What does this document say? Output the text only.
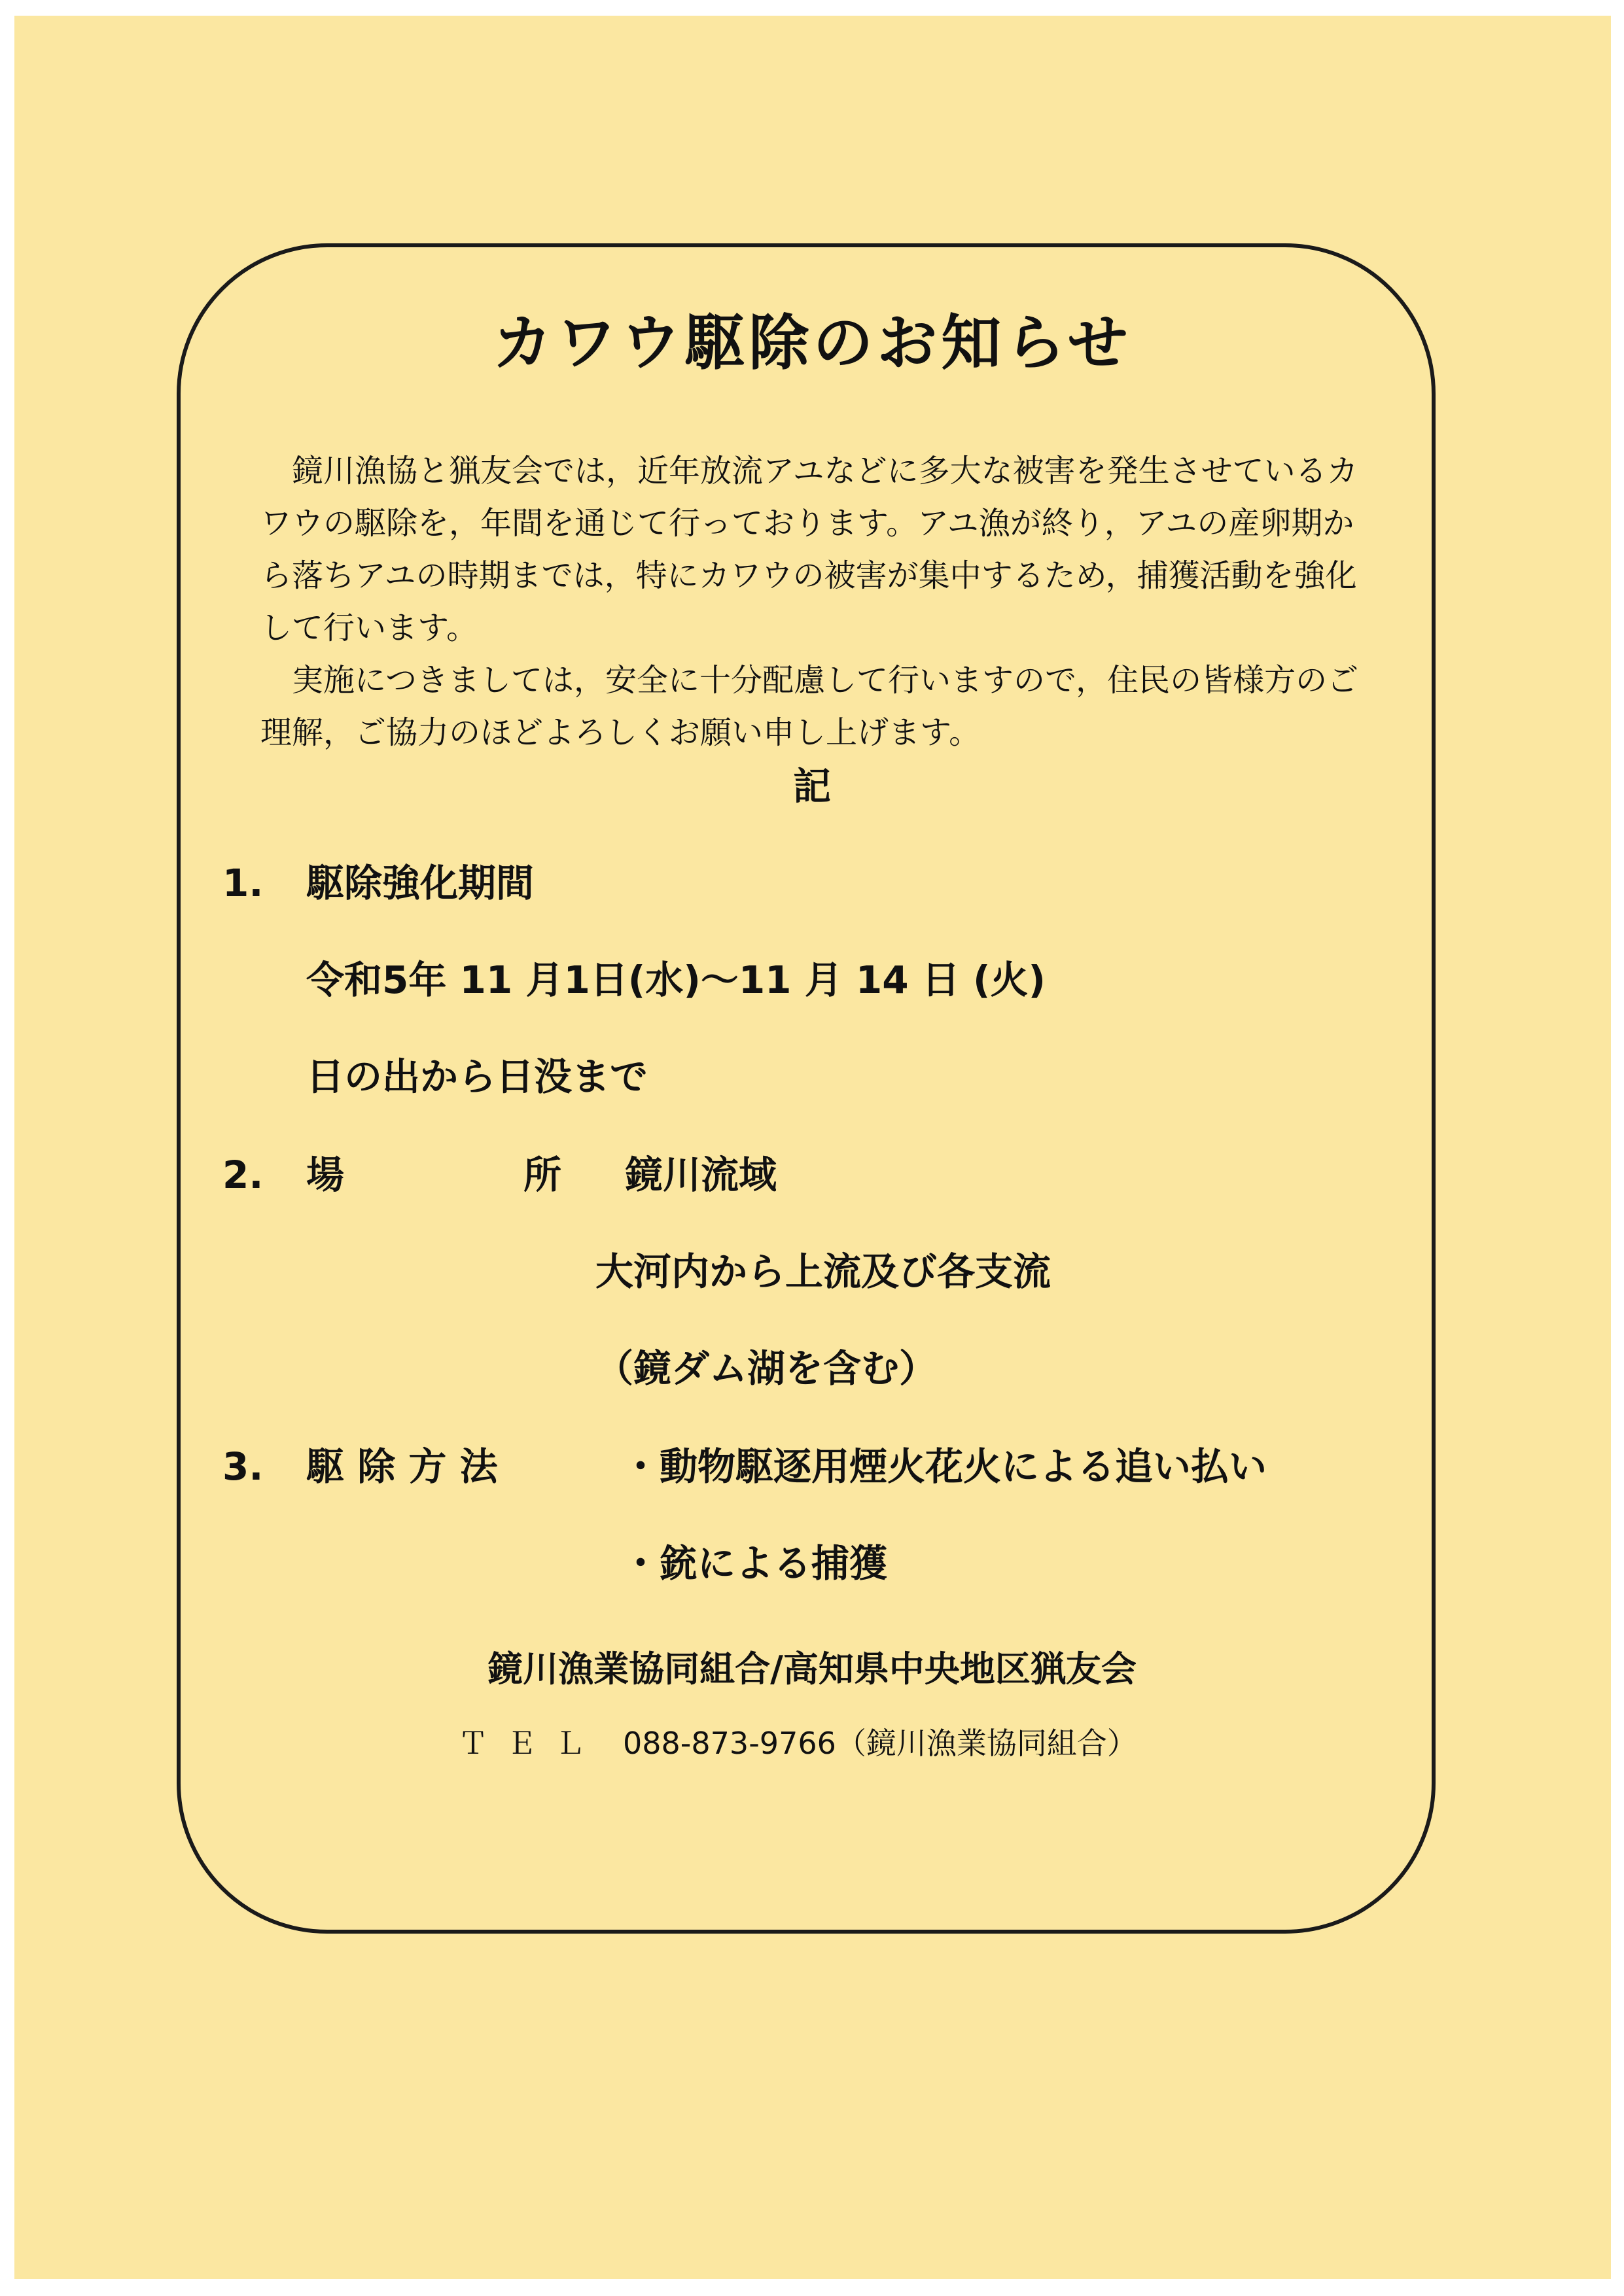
カワウ駆除のお知らせ
　鏡川漁協と猟友会では，近年放流アユなどに多大な被害を発生させているカ
ワウの駆除を，年間を通じて行っております。アユ漁が終り，アユの産卵期か
ら落ちアユの時期までは，特にカワウの被害が集中するため，捕獲活動を強化
して行います。
　実施につきましては，安全に十分配慮して行いますので，住民の皆様方のご
理解，ご協力のほどよろしくお願い申し上げます。
記
1. 駆除強化期間
令和5年 11 月1日(水)～11 月 14 日 (火)
日の出から日没まで
2. 場	所 鏡川流域
大河内から上流及び各支流
（鏡ダム湖を含む）
3. 駆 除 方 法	・動物駆逐用煙火花火による追い払い
・銃による捕獲
鏡川漁業協同組合/高知県中央地区猟友会
ＴＥＬ 088-873-9766（鏡川漁業協同組合）
